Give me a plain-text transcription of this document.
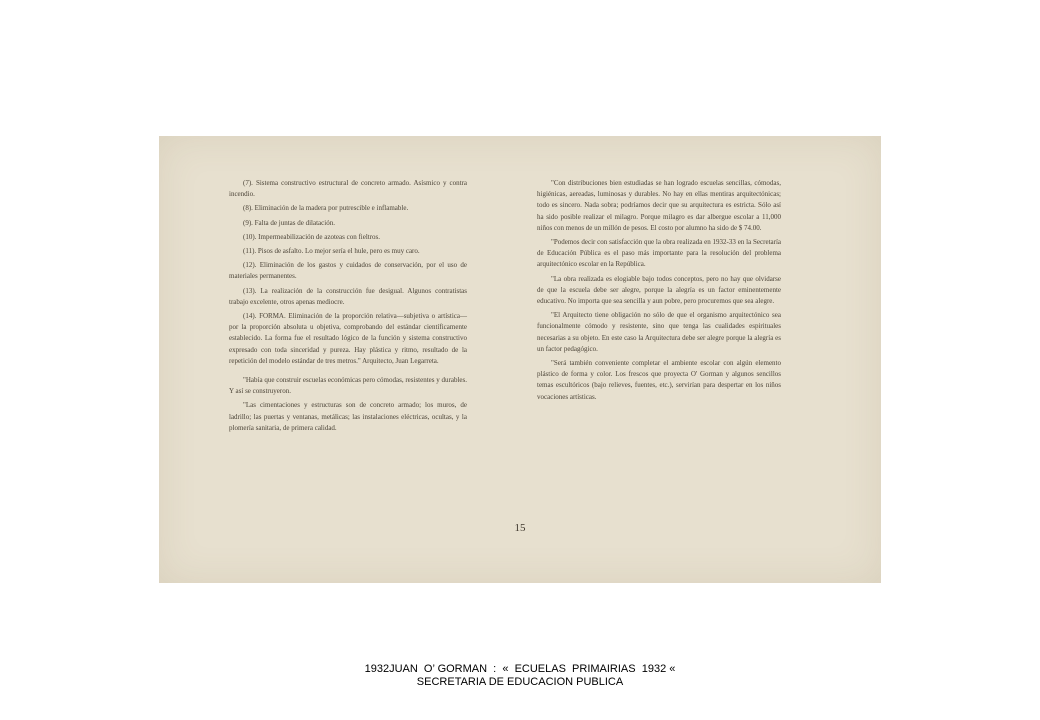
(7). Sistema constructivo estructural de concreto armado. Asísmico y contra incendio.

(8). Eliminación de la madera por putrescible e inflamable.

(9). Falta de juntas de dilatación.

(10). Impermeabilización de azoteas con fieltros.

(11). Pisos de asfalto. Lo mejor sería el hule, pero es muy caro.

(12). Eliminación de los gastos y cuidados de conservación, por el uso de materiales permanentes.

(13). La realización de la construcción fue desigual. Algunos contratistas trabajo excelente, otros apenas mediocre.

(14). FORMA. Eliminación de la proporción relativa—subjetiva o artística—por la proporción absoluta u objetiva, comprobando del estándar científicamente establecido. La forma fue el resultado lógico de la función y sistema constructivo expresado con toda sinceridad y pureza. Hay plástica y ritmo, resultado de la repetición del modelo estándar de tres metros." Arquitecto, Juan Legarreta.

"Había que construir escuelas económicas pero cómodas, resistentes y durables. Y así se construyeron.

"Las cimentaciones y estructuras son de concreto armado; los muros, de ladrillo; las puertas y ventanas, metálicas; las instalaciones eléctricas, ocultas, y la plomería sanitaria, de primera calidad.

"Con distribuciones bien estudiadas se han logrado escuelas sencillas, cómodas, higiénicas, aereadas, luminosas y durables. No hay en ellas mentiras arquitectónicas; todo es sincero. Nada sobra; podríamos decir que su arquitectura es estricta. Sólo así ha sido posible realizar el milagro. Porque milagro es dar albergue escolar a 11,000 niños con menos de un millón de pesos. El costo por alumno ha sido de $ 74.00.

"Podemos decir con satisfacción que la obra realizada en 1932-33 en la Secretaría de Educación Pública es el paso más importante para la resolución del problema arquitectónico escolar en la República.

"La obra realizada es elogiable bajo todos conceptos, pero no hay que olvidarse de que la escuela debe ser alegre, porque la alegría es un factor eminentemente educativo. No importa que sea sencilla y aun pobre, pero procuremos que sea alegre.

"El Arquitecto tiene obligación no sólo de que el organismo arquitectónico sea funcionalmente cómodo y resistente, sino que tenga las cualidades espirituales necesarias a su objeto. En este caso la Arquitectura debe ser alegre porque la alegría es un factor pedagógico.

"Será también conveniente completar el ambiente escolar con algún elemento plástico de forma y color. Los frescos que proyecta O' Gorman y algunos sencillos temas escultóricos (bajo relieves, fuentes, etc.), servirían para despertar en los niños vocaciones artísticas.

15
1932JUAN  O’ GORMAN  :  «  ECUELAS  PRIMAIRIAS  1932 «
SECRETARIA DE EDUCACION PUBLICA
